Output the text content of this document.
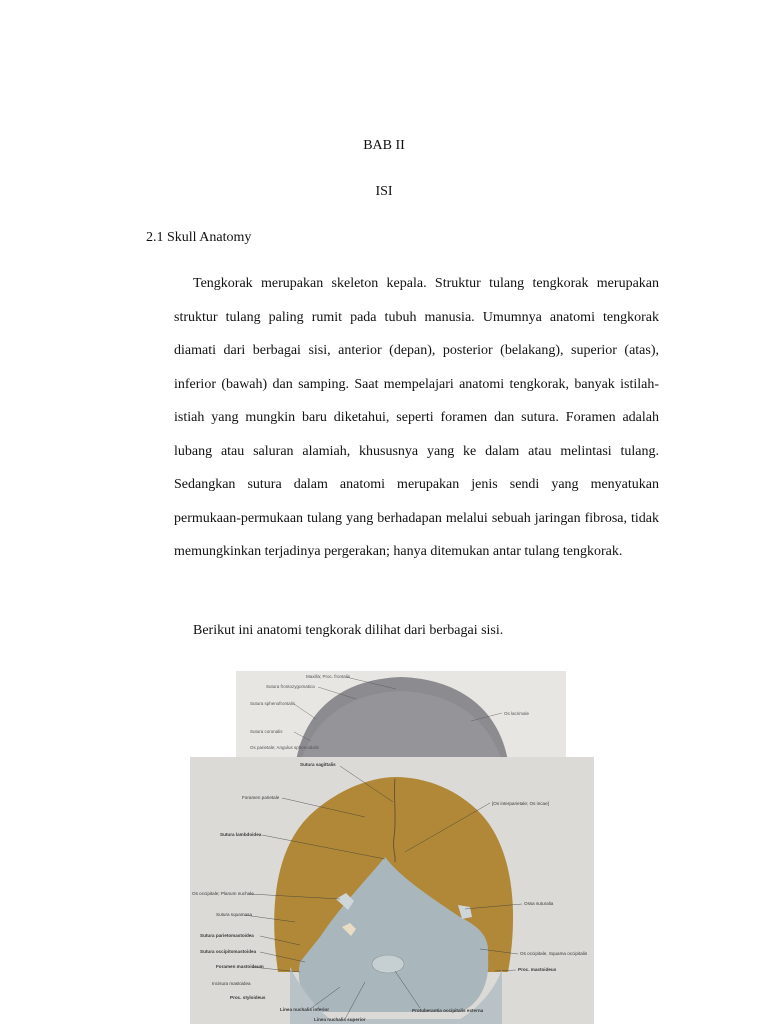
BAB II
ISI
2.1 Skull Anatomy
Tengkorak merupakan skeleton kepala. Struktur tulang tengkorak merupakan struktur tulang paling rumit pada tubuh manusia. Umumnya anatomi tengkorak diamati dari berbagai sisi, anterior (depan), posterior (belakang), superior (atas), inferior (bawah) dan samping. Saat mempelajari anatomi tengkorak, banyak istilah-istiah yang mungkin baru diketahui, seperti foramen dan sutura. Foramen adalah lubang atau saluran alamiah, khususnya yang ke dalam atau melintasi tulang. Sedangkan sutura dalam anatomi merupakan jenis sendi yang menyatukan permukaan-permukaan tulang yang berhadapan melalui sebuah jaringan fibrosa, tidak memungkinkan terjadinya pergerakan; hanya ditemukan antar tulang tengkorak.
Berikut ini anatomi tengkorak dilihat dari berbagai sisi.
Maxilla; Proc. frontalis
Sutura frontozygomatica
Sutura sphenofrontalis
Sutura coronalis
Os parietale; Angulus sphenoidalis
Os lacrimale
Sutura sagittalis
Foramen parietale
Sutura lambdoidea
Os occipitale; Planum nuchale
Sutura squamosa
Sutura parietomastoidea
Sutura occipitomastoidea
Foramen mastoideum
Incisura mastoidea
Proc. styloideus
Linea nuchalis inferior
Linea nuchalis superior
[Os interparietale; Os incae]
Ossa suturalia
Os occipitale, Squama occipitalis
Proc. mastoideus
Protuberantia occipitalis externa
